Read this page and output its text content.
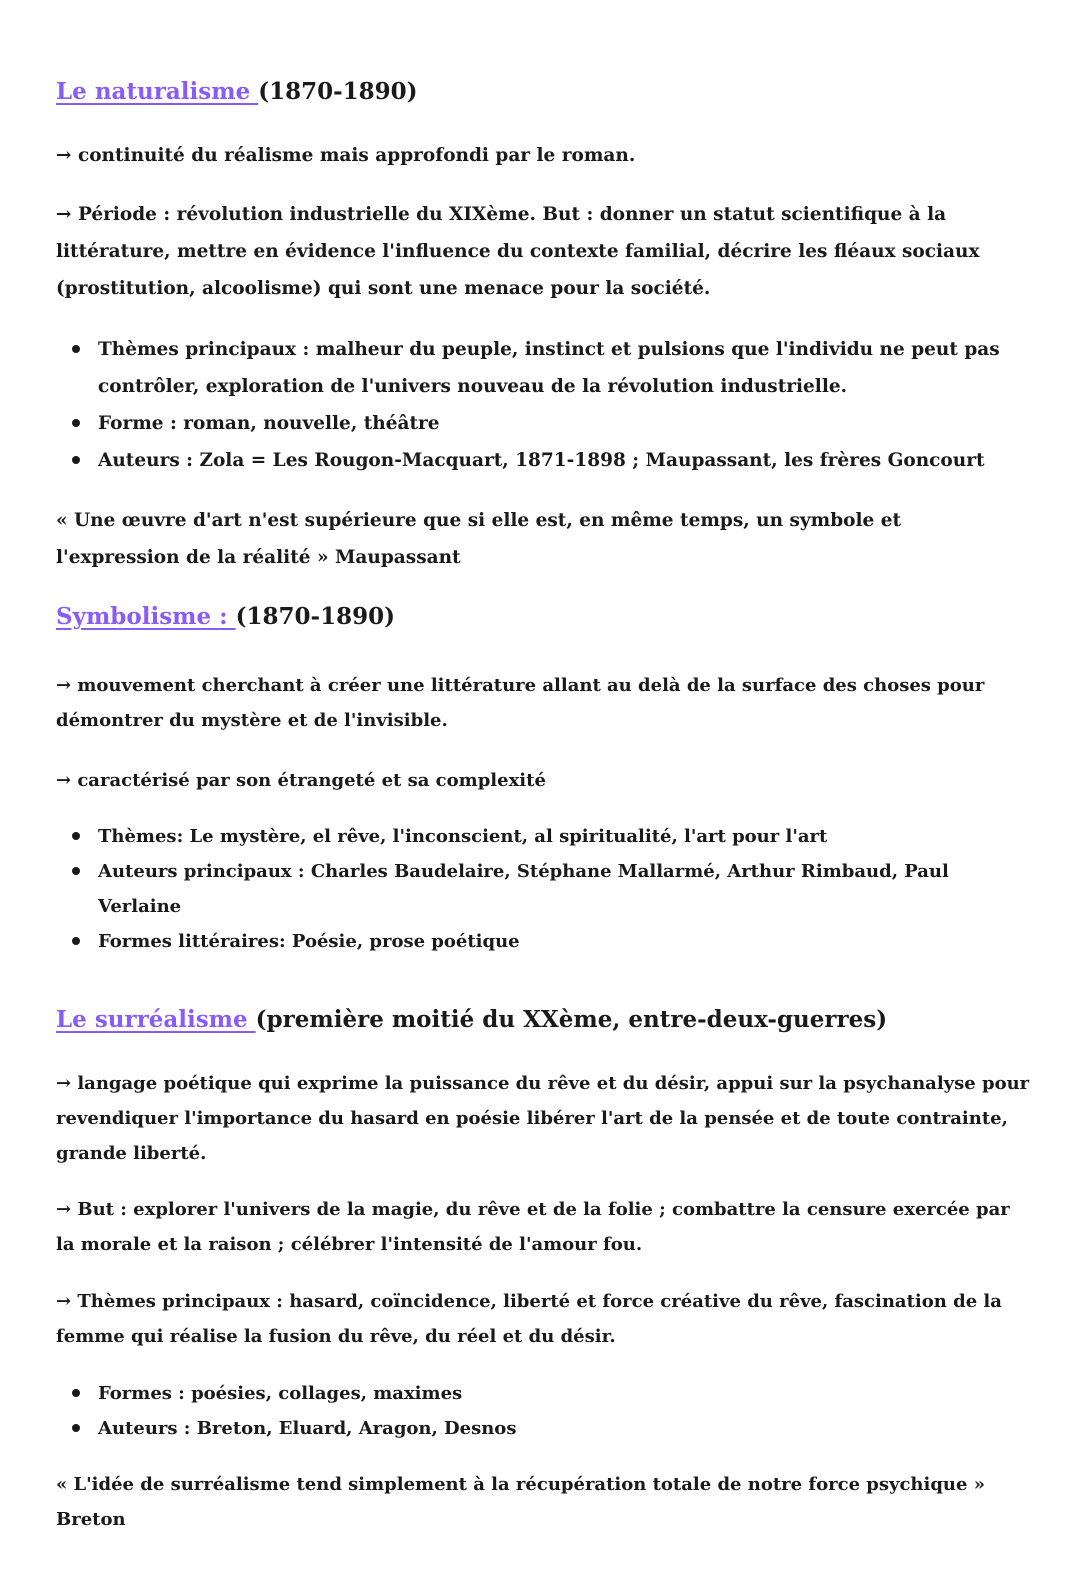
Le naturalisme (1870-1890)

→ continuité du réalisme mais approfondi par le roman.

→ Période : révolution industrielle du XIXème. But : donner un statut scientifique à la littérature, mettre en évidence l'influence du contexte familial, décrire les fléaux sociaux (prostitution, alcoolisme) qui sont une menace pour la société.

Thèmes principaux : malheur du peuple, instinct et pulsions que l'individu ne peut pas contrôler, exploration de l'univers nouveau de la révolution industrielle.
Forme : roman, nouvelle, théâtre
Auteurs : Zola = Les Rougon-Macquart, 1871-1898 ; Maupassant, les frères Goncourt

« Une œuvre d'art n'est supérieure que si elle est, en même temps, un symbole et l'expression de la réalité » Maupassant

Symbolisme : (1870-1890)

→ mouvement cherchant à créer une littérature allant au delà de la surface des choses pour démontrer du mystère et de l'invisible.

→ caractérisé par son étrangeté et sa complexité

Thèmes: Le mystère, el rêve, l'inconscient, al spiritualité, l'art pour l'art
Auteurs principaux : Charles Baudelaire, Stéphane Mallarmé, Arthur Rimbaud, Paul Verlaine
Formes littéraires: Poésie, prose poétique
Le surréalisme (première moitié du XXème, entre-deux-guerres)

→ langage poétique qui exprime la puissance du rêve et du désir, appui sur la psychanalyse pour revendiquer l'importance du hasard en poésie libérer l'art de la pensée et de toute contrainte, grande liberté.

→ But : explorer l'univers de la magie, du rêve et de la folie ; combattre la censure exercée par la morale et la raison ; célébrer l'intensité de l'amour fou.

→ Thèmes principaux : hasard, coïncidence, liberté et force créative du rêve, fascination de la femme qui réalise la fusion du rêve, du réel et du désir.

Formes : poésies, collages, maximes
Auteurs : Breton, Eluard, Aragon, Desnos

« L'idée de surréalisme tend simplement à la récupération totale de notre force psychique » Breton
